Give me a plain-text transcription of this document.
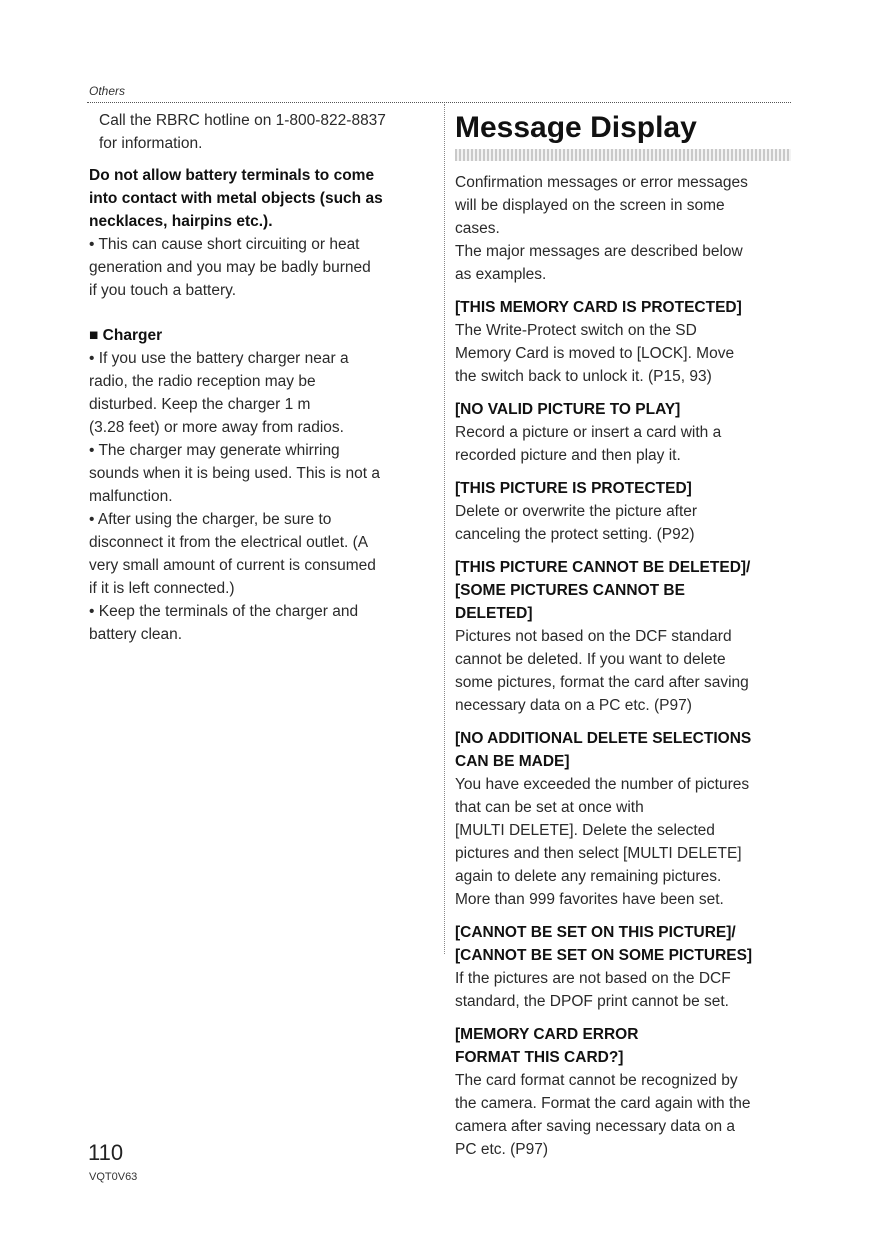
Others

Call the RBRC hotline on 1-800-822-8837

for information.

Do not allow battery terminals to come

into contact with metal objects (such as

necklaces, hairpins etc.).

• This can cause short circuiting or heat

generation and you may be badly burned

if you touch a battery.

■ Charger

• If you use the battery charger near a

radio, the radio reception may be

disturbed. Keep the charger 1 m

(3.28 feet) or more away from radios.

• The charger may generate whirring

sounds when it is being used. This is not a

malfunction.

• After using the charger, be sure to

disconnect it from the electrical outlet. (A

very small amount of current is consumed

if it is left connected.)

• Keep the terminals of the charger and

battery clean.

Message Display

Confirmation messages or error messages

will be displayed on the screen in some

cases.

The major messages are described below

as examples.

[THIS MEMORY CARD IS PROTECTED]

The Write-Protect switch on the SD

Memory Card is moved to [LOCK]. Move

the switch back to unlock it. (P15, 93)

[NO VALID PICTURE TO PLAY]

Record a picture or insert a card with a

recorded picture and then play it.

[THIS PICTURE IS PROTECTED]

Delete or overwrite the picture after

canceling the protect setting. (P92)

[THIS PICTURE CANNOT BE DELETED]/

[SOME PICTURES CANNOT BE

DELETED]

Pictures not based on the DCF standard

cannot be deleted. If you want to delete

some pictures, format the card after saving

necessary data on a PC etc. (P97)

[NO ADDITIONAL DELETE SELECTIONS

CAN BE MADE]

You have exceeded the number of pictures

that can be set at once with

[MULTI DELETE]. Delete the selected

pictures and then select [MULTI DELETE]

again to delete any remaining pictures.

More than 999 favorites have been set.

[CANNOT BE SET ON THIS PICTURE]/

[CANNOT BE SET ON SOME PICTURES]

If the pictures are not based on the DCF

standard, the DPOF print cannot be set.

[MEMORY CARD ERROR

FORMAT THIS CARD?]

The card format cannot be recognized by

the camera. Format the card again with the

camera after saving necessary data on a

PC etc. (P97)

110
VQT0V63
